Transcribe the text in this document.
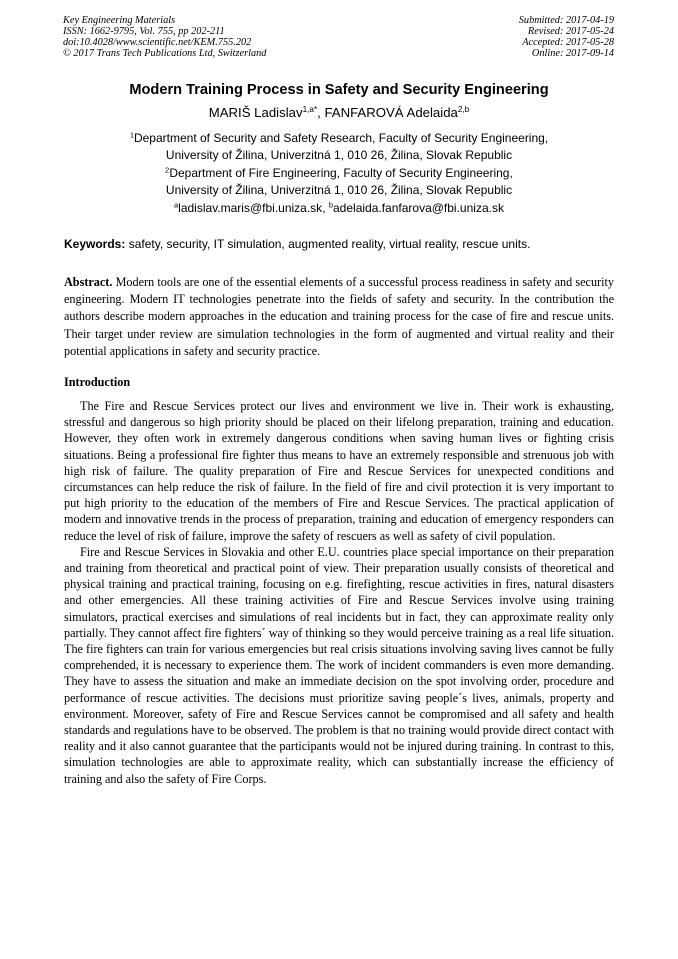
Key Engineering Materials
ISSN: 1662-9795, Vol. 755, pp 202-211
doi:10.4028/www.scientific.net/KEM.755.202
© 2017 Trans Tech Publications Ltd, Switzerland
Submitted: 2017-04-19
Revised: 2017-05-24
Accepted: 2017-05-28
Online: 2017-09-14
Modern Training Process in Safety and Security Engineering
MARIŠ Ladislav$^{1,a*}$, FANFAROVÁ Adelaida$^{2,b}$
$^1$Department of Security and Safety Research, Faculty of Security Engineering,
University of Žilina, Univerzitná 1, 010 26, Žilina, Slovak Republic
$^2$Department of Fire Engineering, Faculty of Security Engineering,
University of Žilina, Univerzitná 1, 010 26, Žilina, Slovak Republic
$^a$ladislav.maris@fbi.uniza.sk, $^b$adelaida.fanfarova@fbi.uniza.sk
Keywords: safety, security, IT simulation, augmented reality, virtual reality, rescue units.

Abstract. Modern tools are one of the essential elements of a successful process readiness in safety and security engineering. Modern IT technologies penetrate into the fields of safety and security. In the contribution the authors describe modern approaches in the education and training process for the case of fire and rescue units. Their target under review are simulation technologies in the form of augmented and virtual reality and their potential applications in safety and security practice.

Introduction

The Fire and Rescue Services protect our lives and environment we live in. Their work is exhausting, stressful and dangerous so high priority should be placed on their lifelong preparation, training and education. However, they often work in extremely dangerous conditions when saving human lives or fighting crisis situations. Being a professional fire fighter thus means to have an extremely responsible and strenuous job with high risk of failure. The quality preparation of Fire and Rescue Services for unexpected conditions and circumstances can help reduce the risk of failure. In the field of fire and civil protection it is very important to put high priority to the education of the members of Fire and Rescue Services. The practical application of modern and innovative trends in the process of preparation, training and education of emergency responders can reduce the level of risk of failure, improve the safety of rescuers as well as safety of civil population.

Fire and Rescue Services in Slovakia and other E.U. countries place special importance on their preparation and training from theoretical and practical point of view. Their preparation usually consists of theoretical and physical training and practical training, focusing on e.g. firefighting, rescue activities in fires, natural disasters and other emergencies. All these training activities of Fire and Rescue Services involve using training simulators, practical exercises and simulations of real incidents but in fact, they can approximate reality only partially. They cannot affect fire fighters´ way of thinking so they would perceive training as a real life situation. The fire fighters can train for various emergencies but real crisis situations involving saving lives cannot be fully comprehended, it is necessary to experience them. The work of incident commanders is even more demanding. They have to assess the situation and make an immediate decision on the spot involving order, procedure and performance of rescue activities. The decisions must prioritize saving people´s lives, animals, property and environment. Moreover, safety of Fire and Rescue Services cannot be compromised and all safety and health standards and regulations have to be observed. The problem is that no training would provide direct contact with reality and it also cannot guarantee that the participants would not be injured during training. In contrast to this, simulation technologies are able to approximate reality, which can substantially increase the efficiency of training and also the safety of Fire Corps.
